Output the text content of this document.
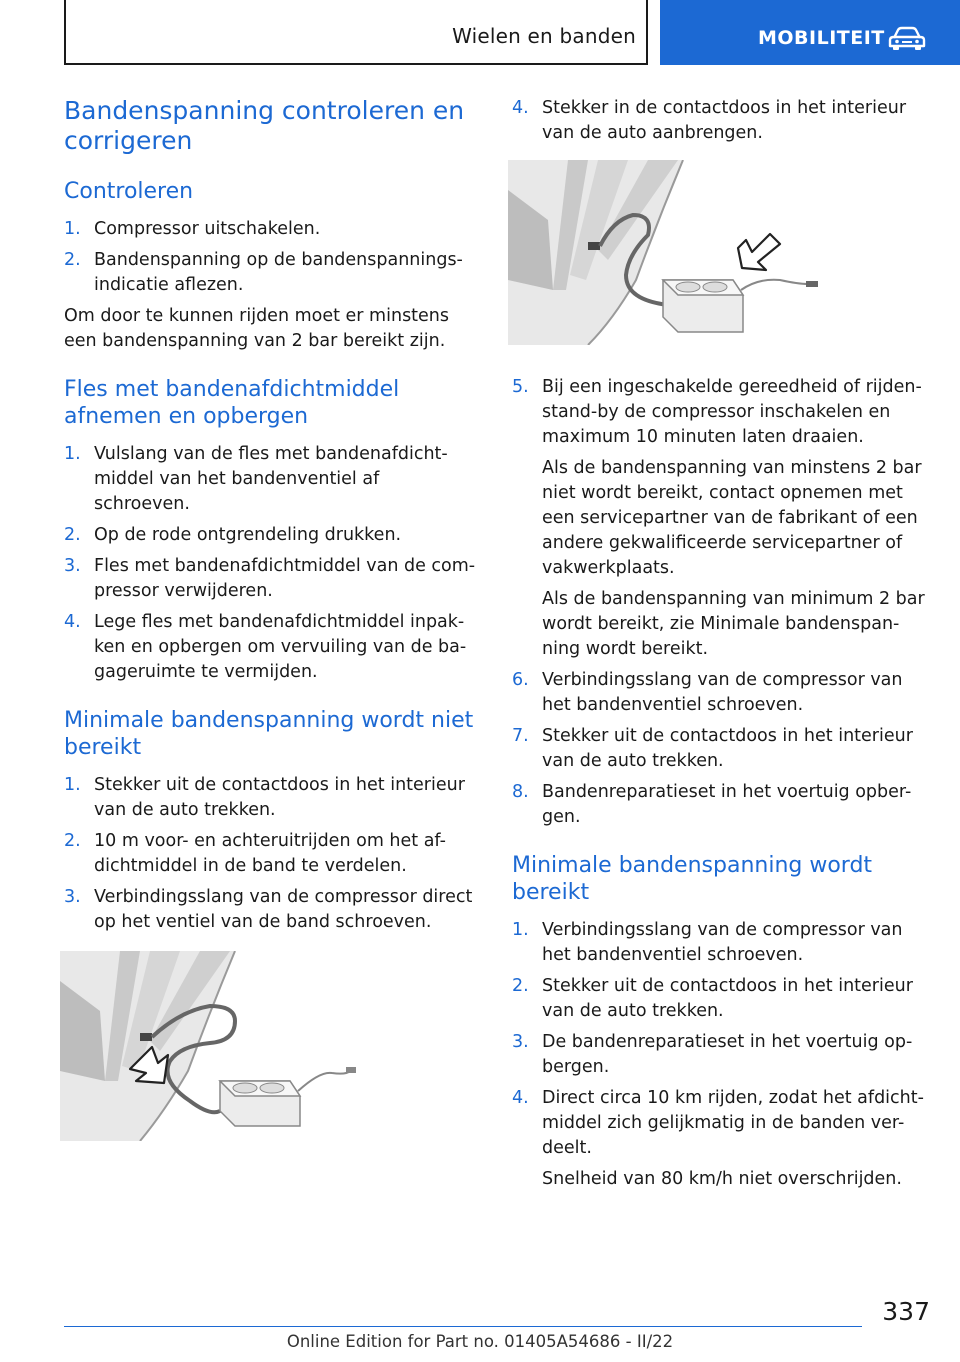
Wielen en banden	MOBILITEIT
Bandenspanning controleren en corrigeren
Controleren
1. Compressor uitschakelen.
2. Bandenspanning op de bandenspannings-indicatie aflezen.

Om door te kunnen rijden moet er minstens een bandenspanning van 2 bar bereikt zijn.

Fles met bandenafdichtmiddel afnemen en opbergen
1. Vulslang van de fles met bandenafdicht-middel van het bandenventiel af schroeven.
2. Op de rode ontgrendeling drukken.
3. Fles met bandenafdichtmiddel van de com-pressor verwijderen.
4. Lege fles met bandenafdichtmiddel inpak-ken en opbergen om vervuiling van de ba-gageruimte te vermijden.
Minimale bandenspanning wordt niet bereikt
1. Stekker uit de contactdoos in het interieur van de auto trekken.
2. 10 m voor- en achteruitrijden om het af-dichtmiddel in de band te verdelen.
3. Verbindingsslang van de compressor direct op het ventiel van de band schroeven.
4. Stekker in de contactdoos in het interieur van de auto aanbrengen.
5. Bij een ingeschakelde gereedheid of rijden-stand-by de compressor inschakelen en maximum 10 minuten laten draaien.
Als de bandenspanning van minstens 2 bar niet wordt bereikt, contact opnemen met een servicepartner van de fabrikant of een andere gekwalificeerde servicepartner of vakwerkplaats.
Als de bandenspanning van minimum 2 bar wordt bereikt, zie Minimale bandenspan-ning wordt bereikt.
6. Verbindingsslang van de compressor van het bandenventiel schroeven.
7. Stekker uit de contactdoos in het interieur van de auto trekken.
8. Bandenreparatieset in het voertuig opber-gen.
Minimale bandenspanning wordt bereikt
1. Verbindingsslang van de compressor van het bandenventiel schroeven.
2. Stekker uit de contactdoos in het interieur van de auto trekken.
3. De bandenreparatieset in het voertuig op-bergen.
4. Direct circa 10 km rijden, zodat het afdicht-middel zich gelijkmatig in de banden ver-deelt.
Snelheid van 80 km/h niet overschrijden.
337
Online Edition for Part no. 01405A54686 - II/22
